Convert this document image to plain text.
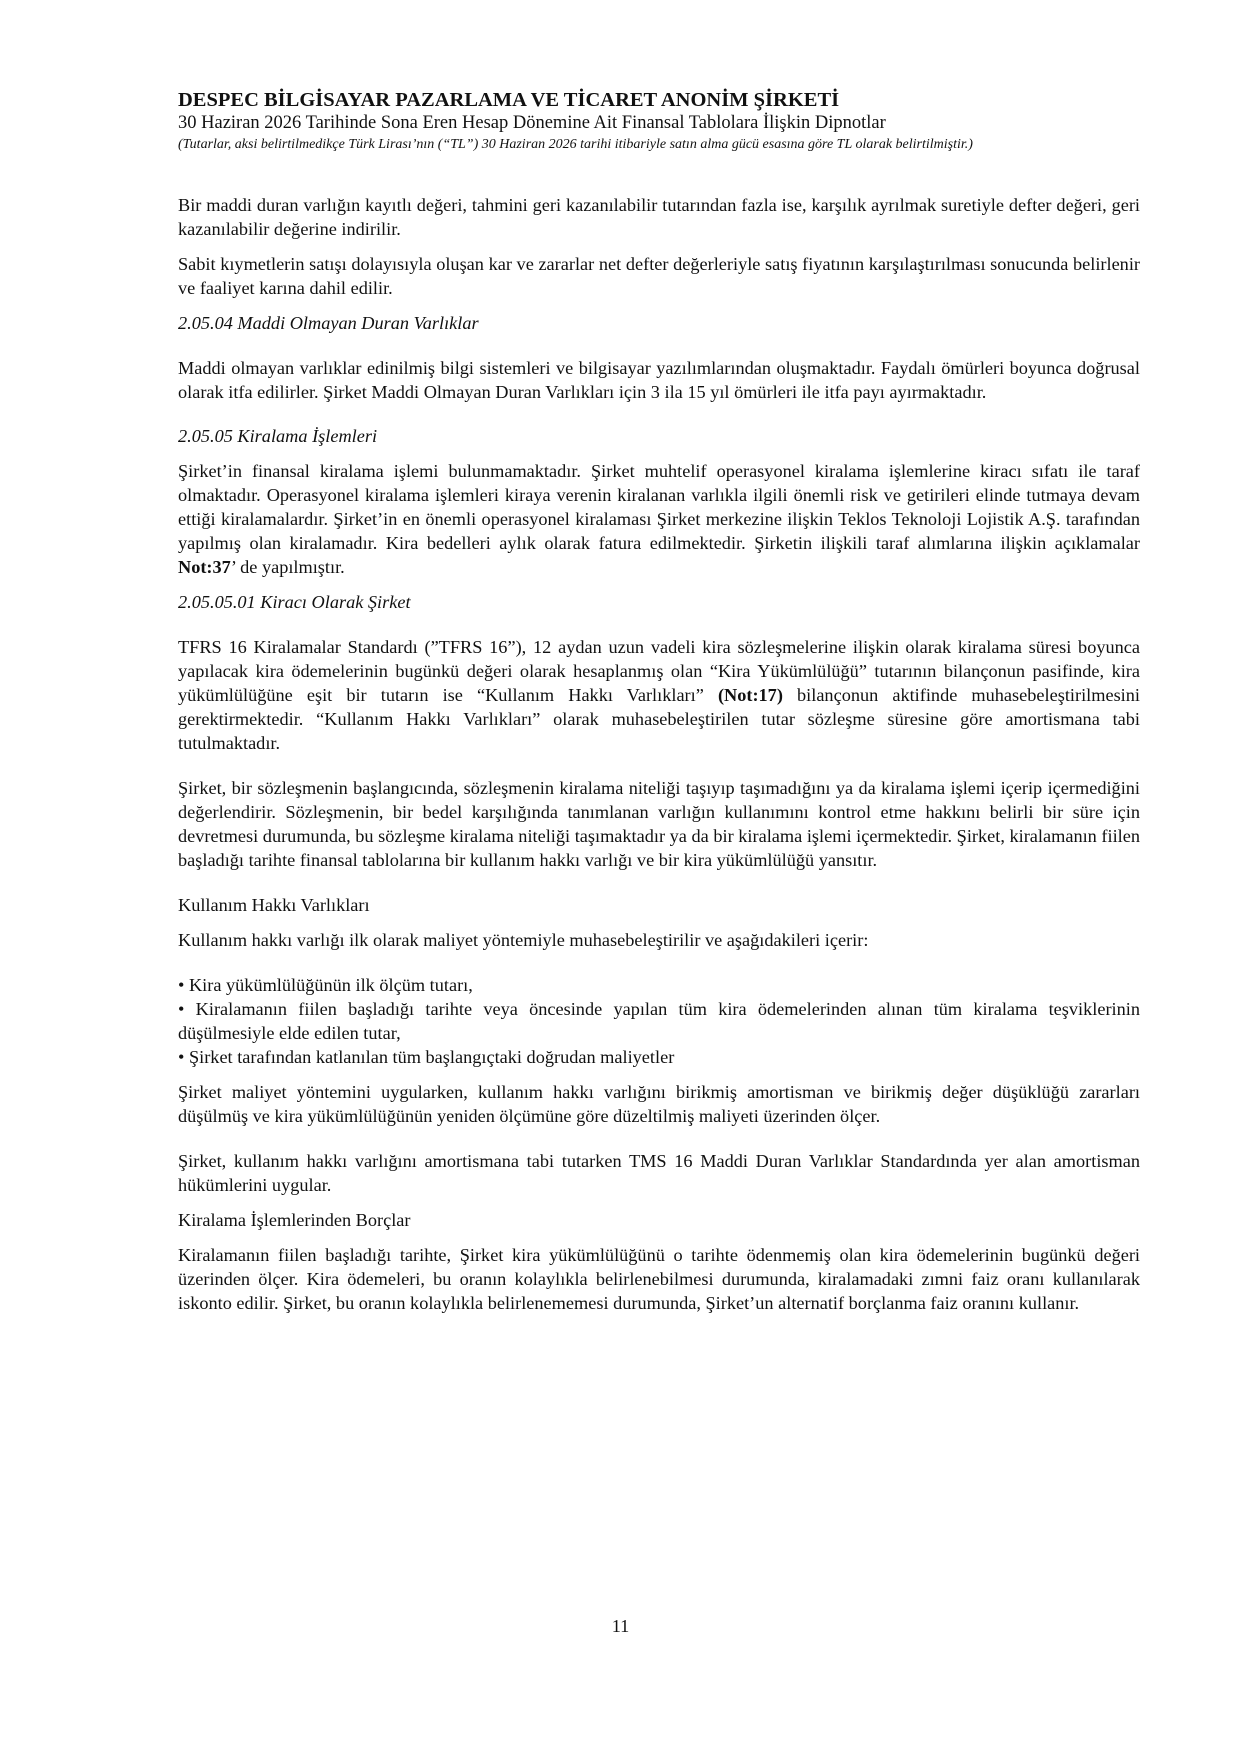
DESPEC BİLGİSAYAR PAZARLAMA VE TİCARET ANONİM ŞİRKETİ

30 Haziran 2026 Tarihinde Sona Eren Hesap Dönemine Ait Finansal Tablolara İlişkin Dipnotlar

(Tutarlar, aksi belirtilmedikçe Türk Lirası’nın (“TL”) 30 Haziran 2026 tarihi itibariyle satın alma gücü esasına göre TL olarak belirtilmiştir.)

Bir maddi duran varlığın kayıtlı değeri, tahmini geri kazanılabilir tutarından fazla ise, karşılık ayrılmak suretiyle defter değeri, geri kazanılabilir değerine indirilir.

Sabit kıymetlerin satışı dolayısıyla oluşan kar ve zararlar net defter değerleriyle satış fiyatının karşılaştırılması sonucunda belirlenir ve faaliyet karına dahil edilir.

2.05.04 Maddi Olmayan Duran Varlıklar

Maddi olmayan varlıklar edinilmiş bilgi sistemleri ve bilgisayar yazılımlarından oluşmaktadır. Faydalı ömürleri boyunca doğrusal olarak itfa edilirler. Şirket Maddi Olmayan Duran Varlıkları için 3 ila 15 yıl ömürleri ile itfa payı ayırmaktadır.

2.05.05 Kiralama İşlemleri

Şirket’in finansal kiralama işlemi bulunmamaktadır. Şirket muhtelif operasyonel kiralama işlemlerine kiracı sıfatı ile taraf olmaktadır. Operasyonel kiralama işlemleri kiraya verenin kiralanan varlıkla ilgili önemli risk ve getirileri elinde tutmaya devam ettiği kiralamalardır. Şirket’in en önemli operasyonel kiralaması Şirket merkezine ilişkin Teklos Teknoloji Lojistik A.Ş. tarafından yapılmış olan kiralamadır. Kira bedelleri aylık olarak fatura edilmektedir. Şirketin ilişkili taraf alımlarına ilişkin açıklamalar Not:37’ de yapılmıştır.

2.05.05.01 Kiracı Olarak Şirket

TFRS 16 Kiralamalar Standardı (”TFRS 16”), 12 aydan uzun vadeli kira sözleşmelerine ilişkin olarak kiralama süresi boyunca yapılacak kira ödemelerinin bugünkü değeri olarak hesaplanmış olan “Kira Yükümlülüğü” tutarının bilançonun pasifinde, kira yükümlülüğüne eşit bir tutarın ise “Kullanım Hakkı Varlıkları” (Not:17) bilançonun aktifinde muhasebeleştirilmesini gerektirmektedir. “Kullanım Hakkı Varlıkları” olarak muhasebeleştirilen tutar sözleşme süresine göre amortismana tabi tutulmaktadır.

Şirket, bir sözleşmenin başlangıcında, sözleşmenin kiralama niteliği taşıyıp taşımadığını ya da kiralama işlemi içerip içermediğini değerlendirir. Sözleşmenin, bir bedel karşılığında tanımlanan varlığın kullanımını kontrol etme hakkını belirli bir süre için devretmesi durumunda, bu sözleşme kiralama niteliği taşımaktadır ya da bir kiralama işlemi içermektedir. Şirket, kiralamanın fiilen başladığı tarihte finansal tablolarına bir kullanım hakkı varlığı ve bir kira yükümlülüğü yansıtır.

Kullanım Hakkı Varlıkları

Kullanım hakkı varlığı ilk olarak maliyet yöntemiyle muhasebeleştirilir ve aşağıdakileri içerir:

• Kira yükümlülüğünün ilk ölçüm tutarı,

• Kiralamanın fiilen başladığı tarihte veya öncesinde yapılan tüm kira ödemelerinden alınan tüm kiralama teşviklerinin düşülmesiyle elde edilen tutar,

• Şirket tarafından katlanılan tüm başlangıçtaki doğrudan maliyetler

Şirket maliyet yöntemini uygularken, kullanım hakkı varlığını birikmiş amortisman ve birikmiş değer düşüklüğü zararları düşülmüş ve kira yükümlülüğünün yeniden ölçümüne göre düzeltilmiş maliyeti üzerinden ölçer.

Şirket, kullanım hakkı varlığını amortismana tabi tutarken TMS 16 Maddi Duran Varlıklar Standardında yer alan amortisman hükümlerini uygular.

Kiralama İşlemlerinden Borçlar

Kiralamanın fiilen başladığı tarihte, Şirket kira yükümlülüğünü o tarihte ödenmemiş olan kira ödemelerinin bugünkü değeri üzerinden ölçer. Kira ödemeleri, bu oranın kolaylıkla belirlenebilmesi durumunda, kiralamadaki zımni faiz oranı kullanılarak iskonto edilir. Şirket, bu oranın kolaylıkla belirlenememesi durumunda, Şirket’un alternatif borçlanma faiz oranını kullanır.

11
